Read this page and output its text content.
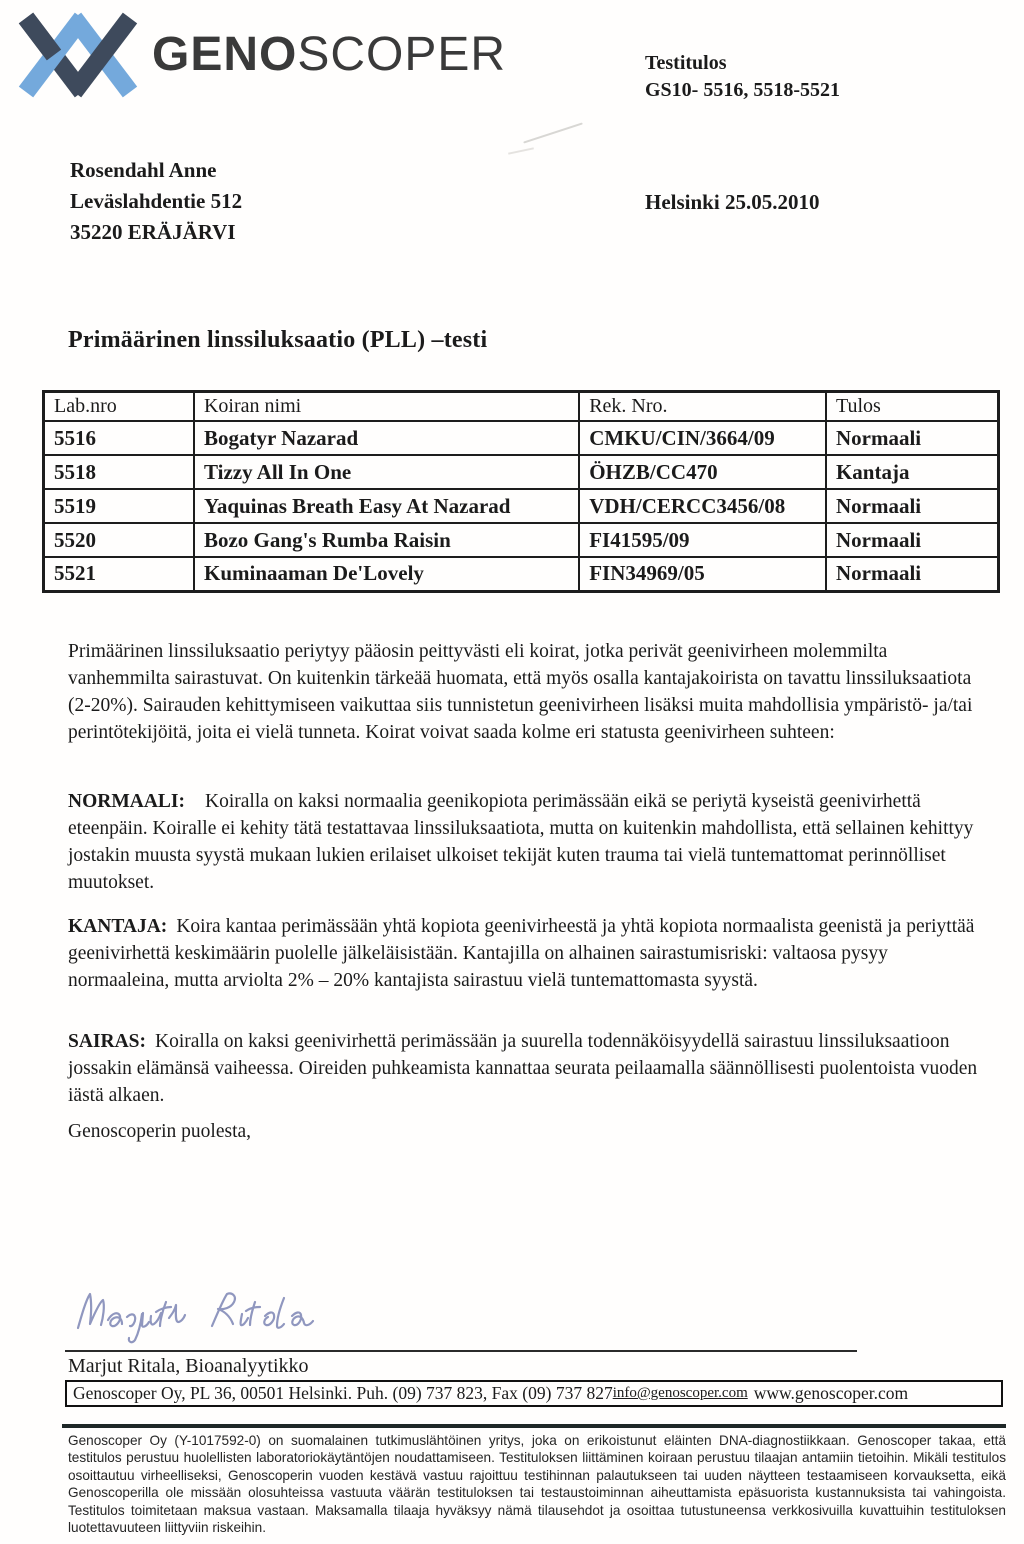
GENOSCOPER	Testitulos
GS10- 5516, 5518-5521
Rosendahl Anne
Leväslahdentie 512
35220 ERÄJÄRVI
Helsinki 25.05.2010
Primäärinen linssiluksaatio (PLL) –testi
Lab.nro	Koiran nimi	Rek. Nro.	Tulos
5516	Bogatyr Nazarad	CMKU/CIN/3664/09	Normaali
5518	Tizzy All In One	ÖHZB/CC470	Kantaja
5519	Yaquinas Breath Easy At Nazarad	VDH/CERCC3456/08	Normaali
5520	Bozo Gang's Rumba Raisin	FI41595/09	Normaali
5521	Kuminaaman De'Lovely	FIN34969/05	Normaali
Primäärinen linssiluksaatio periytyy pääosin peittyvästi eli koirat, jotka perivät geenivirheen molemmilta vanhemmilta sairastuvat. On kuitenkin tärkeää huomata, että myös osalla kantajakoirista on tavattu linssiluksaatiota (2-20%). Sairauden kehittymiseen vaikuttaa siis tunnistetun geenivirheen lisäksi muita mahdollisia ympäristö- ja/tai perintötekijöitä, joita ei vielä tunneta. Koirat voivat saada kolme eri statusta geenivirheen suhteen:
NORMAALI: Koiralla on kaksi normaalia geenikopiota perimässään eikä se periytä kyseistä geenivirhettä eteenpäin. Koiralle ei kehity tätä testattavaa linssiluksaatiota, mutta on kuitenkin mahdollista, että sellainen kehittyy jostakin muusta syystä mukaan lukien erilaiset ulkoiset tekijät kuten trauma tai vielä tuntemattomat perinnölliset muutokset.
KANTAJA: Koira kantaa perimässään yhtä kopiota geenivirheestä ja yhtä kopiota normaalista geenistä ja periyttää geenivirhettä keskimäärin puolelle jälkeläisistään. Kantajilla on alhainen sairastumisriski: valtaosa pysyy normaaleina, mutta arviolta 2% – 20% kantajista sairastuu vielä tuntemattomasta syystä.
SAIRAS: Koiralla on kaksi geenivirhettä perimässään ja suurella todennäköisyydellä sairastuu linssiluksaatioon jossakin elämänsä vaiheessa. Oireiden puhkeamista kannattaa seurata peilaamalla säännöllisesti puolentoista vuoden iästä alkaen.
Genoscoperin puolesta,
Marjut Ritala, Bioanalyytikko
Genoscoper Oy, PL 36, 00501 Helsinki. Puh. (09) 737 823, Fax (09) 737 827 info@genoscoper.com www.genoscoper.com
Genoscoper Oy (Y-1017592-0) on suomalainen tutkimuslähtöinen yritys, joka on erikoistunut eläinten DNA-diagnostiikkaan. Genoscoper takaa, että testitulos perustuu huolellisten laboratoriokäytäntöjen noudattamiseen. Testituloksen liittäminen koiraan perustuu tilaajan antamiin tietoihin. Mikäli testitulos osoittautuu virheelliseksi, Genoscoperin vuoden kestävä vastuu rajoittuu testihinnan palautukseen tai uuden näytteen testaamiseen korvauksetta, eikä Genoscoperilla ole missään olosuhteissa vastuuta väärän testituloksen tai testaustoiminnan aiheuttamista epäsuorista kustannuksista tai vahingoista. Testitulos toimitetaan maksua vastaan. Maksamalla tilaaja hyväksyy nämä tilausehdot ja osoittaa tutustuneensa verkkosivuilla kuvattuihin testituloksen luotettavuuteen liittyviin riskeihin.
